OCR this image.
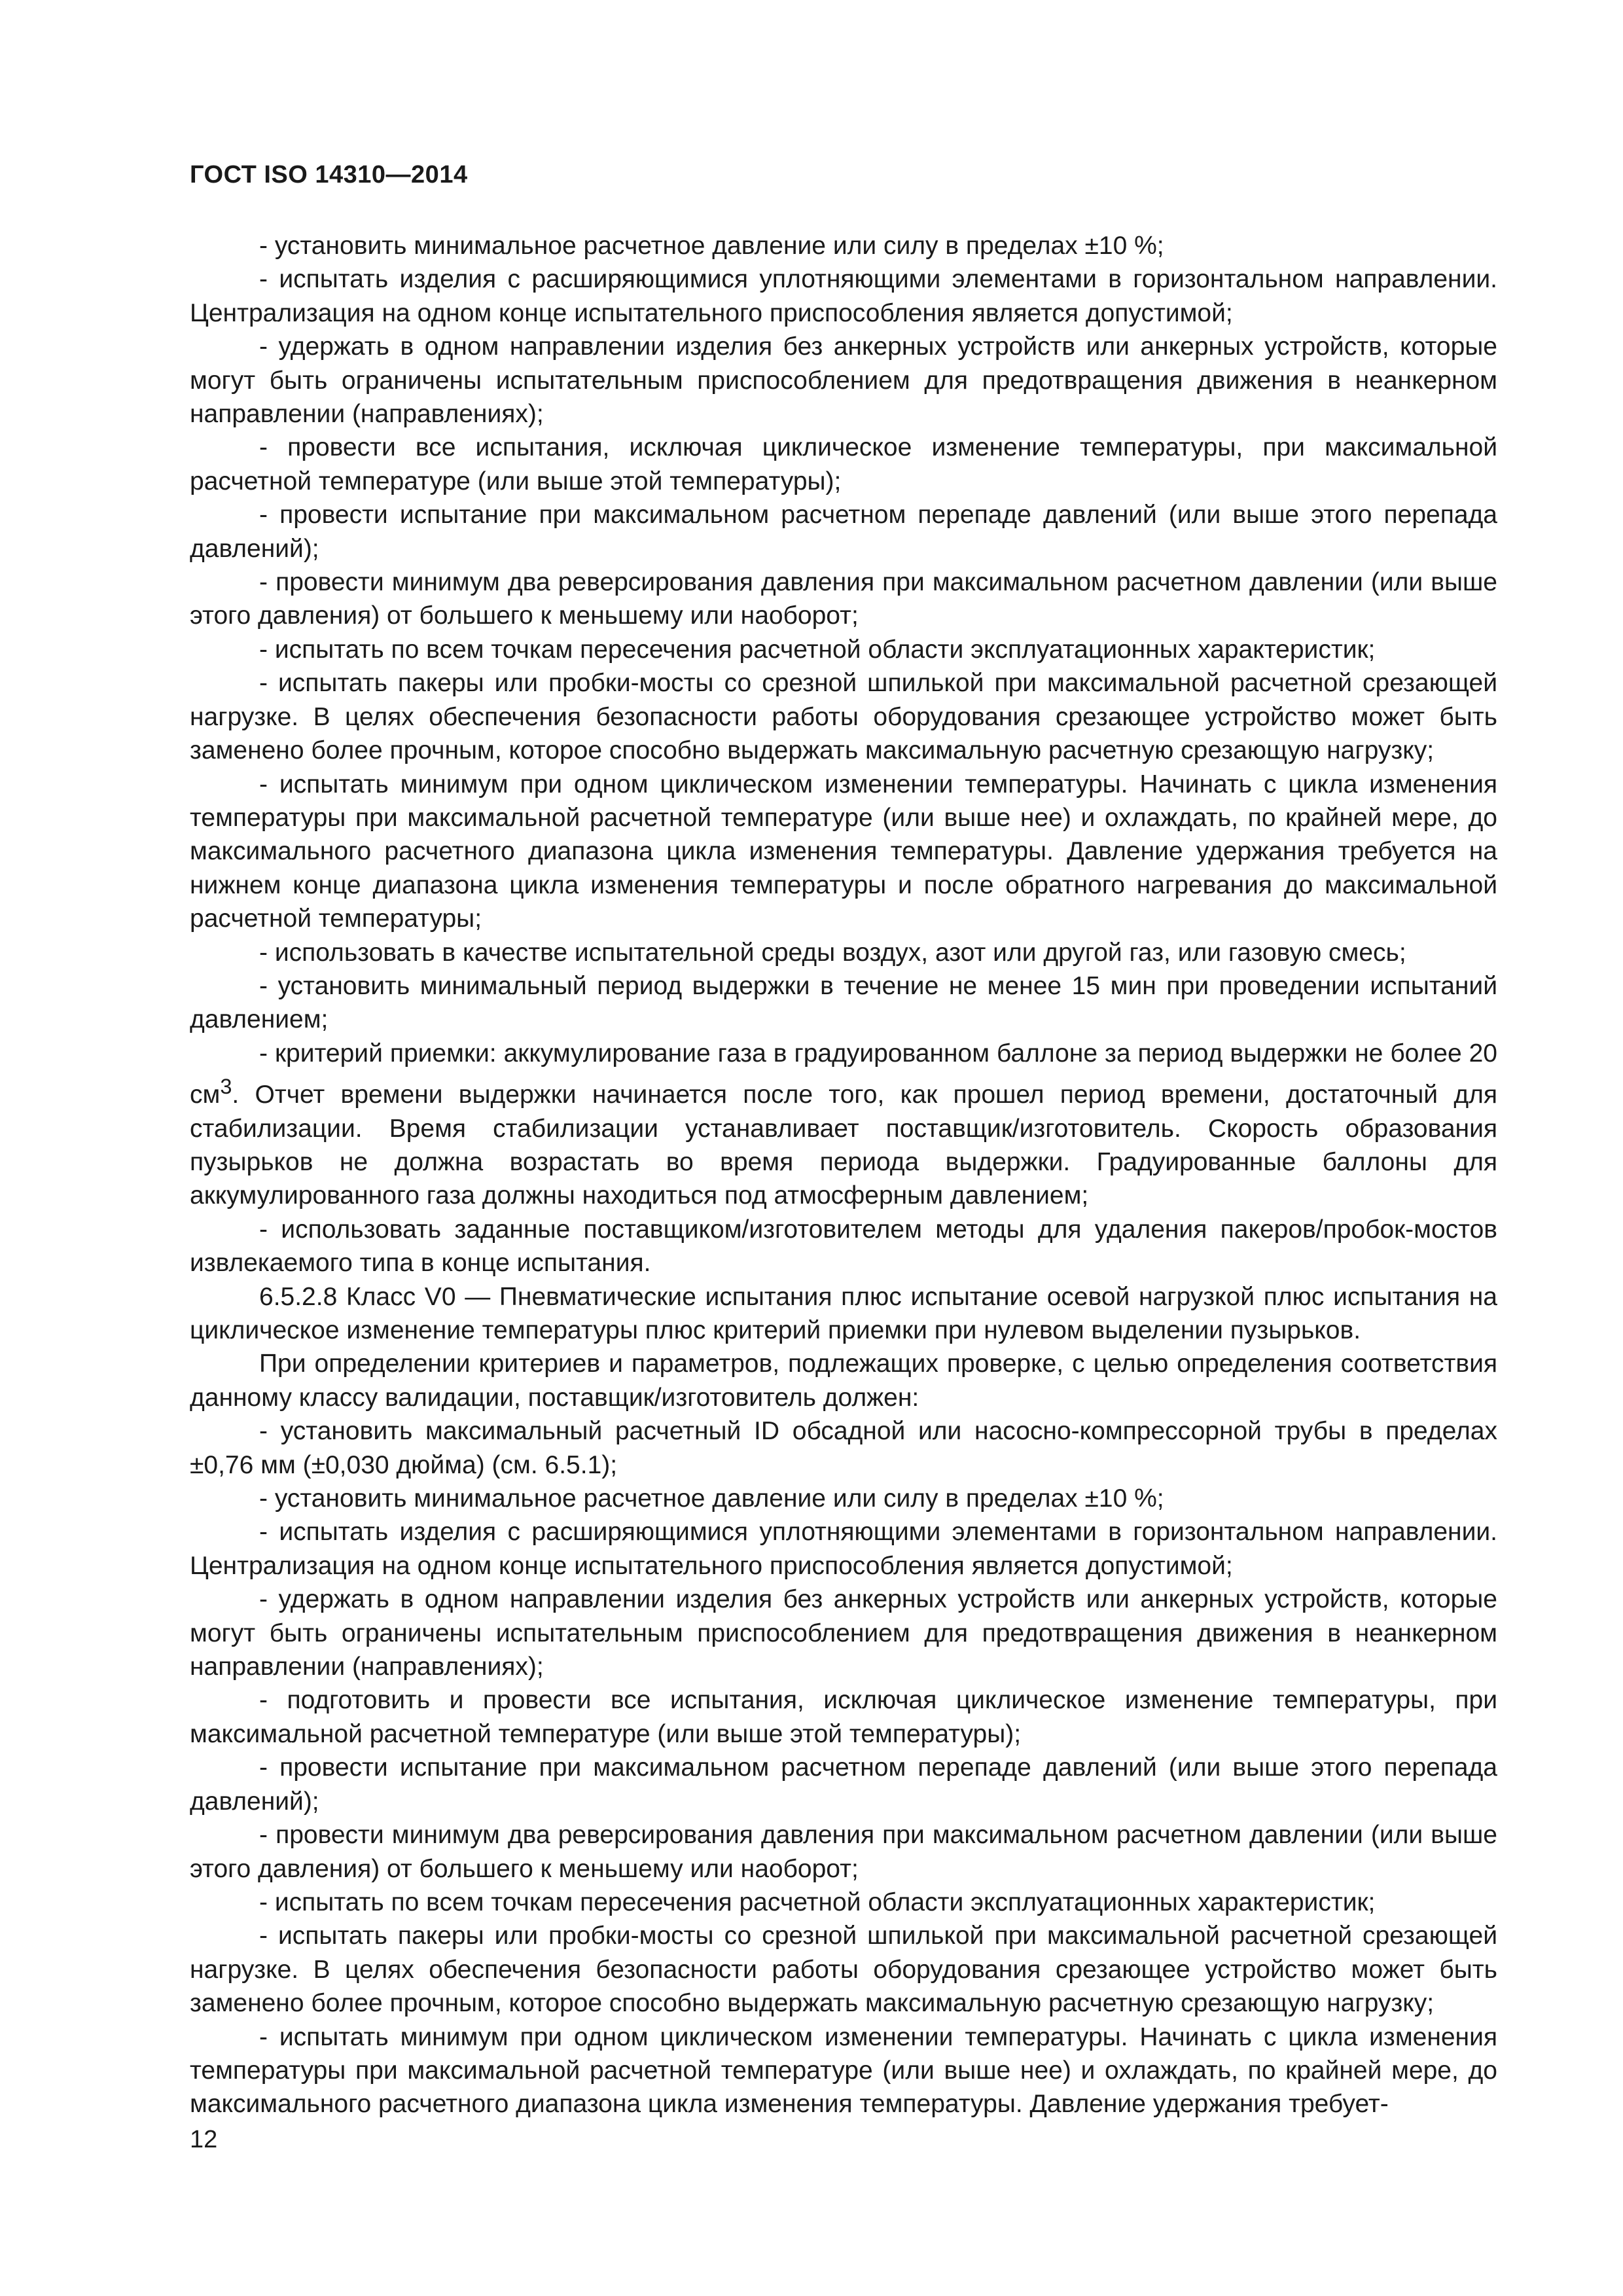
ГОСТ ISO 14310—2014

- установить минимальное расчетное давление или силу в пределах ±10 %;

- испытать изделия с расширяющимися уплотняющими элементами в горизонтальном направлении. Централизация на одном конце испытательного приспособления является допустимой;

- удержать в одном направлении изделия без анкерных устройств или анкерных устройств, которые могут быть ограничены испытательным приспособлением для предотвращения движения в неанкерном направлении (направлениях);

- провести все испытания, исключая циклическое изменение температуры, при максимальной расчетной температуре (или выше этой температуры);

- провести испытание при максимальном расчетном перепаде давлений (или выше этого перепада давлений);

- провести минимум два реверсирования давления при максимальном расчетном давлении (или выше этого давления) от большего к меньшему или наоборот;

- испытать по всем точкам пересечения расчетной области эксплуатационных характеристик;

- испытать пакеры или пробки-мосты со срезной шпилькой при максимальной расчетной срезающей нагрузке. В целях обеспечения безопасности работы оборудования срезающее устройство может быть заменено более прочным, которое способно выдержать максимальную расчетную срезающую нагрузку;

- испытать минимум при одном циклическом изменении температуры. Начинать с цикла изменения температуры при максимальной расчетной температуре (или выше нее) и охлаждать, по крайней мере, до максимального расчетного диапазона цикла изменения температуры. Давление удержания требуется на нижнем конце диапазона цикла изменения температуры и после обратного нагревания до максимальной расчетной температуры;

- использовать в качестве испытательной среды воздух, азот или другой газ, или газовую смесь;

- установить минимальный период выдержки в течение не менее 15 мин при проведении испытаний давлением;

- критерий приемки: аккумулирование газа в градуированном баллоне за период выдержки не более 20 $см^3$. Отчет времени выдержки начинается после того, как прошел период времени, достаточный для стабилизации. Время стабилизации устанавливает поставщик/изготовитель. Скорость образования пузырьков не должна возрастать во время периода выдержки. Градуированные баллоны для аккумулированного газа должны находиться под атмосферным давлением;

- использовать заданные поставщиком/изготовителем методы для удаления пакеров/пробок-мостов извлекаемого типа в конце испытания.

6.5.2.8 Класс V0 — Пневматические испытания плюс испытание осевой нагрузкой плюс испытания на циклическое изменение температуры плюс критерий приемки при нулевом выделении пузырьков.

При определении критериев и параметров, подлежащих проверке, с целью определения соответствия данному классу валидации, поставщик/изготовитель должен:

- установить максимальный расчетный ID обсадной или насосно-компрессорной трубы в пределах ±0,76 мм (±0,030 дюйма) (см. 6.5.1);

- установить минимальное расчетное давление или силу в пределах ±10 %;

- испытать изделия с расширяющимися уплотняющими элементами в горизонтальном направлении. Централизация на одном конце испытательного приспособления является допустимой;

- удержать в одном направлении изделия без анкерных устройств или анкерных устройств, которые могут быть ограничены испытательным приспособлением для предотвращения движения в неанкерном направлении (направлениях);

- подготовить и провести все испытания, исключая циклическое изменение температуры, при максимальной расчетной температуре (или выше этой температуры);

- провести испытание при максимальном расчетном перепаде давлений (или выше этого перепада давлений);

- провести минимум два реверсирования давления при максимальном расчетном давлении (или выше этого давления) от большего к меньшему или наоборот;

- испытать по всем точкам пересечения расчетной области эксплуатационных характеристик;

- испытать пакеры или пробки-мосты со срезной шпилькой при максимальной расчетной срезающей нагрузке. В целях обеспечения безопасности работы оборудования срезающее устройство может быть заменено более прочным, которое способно выдержать максимальную расчетную срезающую нагрузку;

- испытать минимум при одном циклическом изменении температуры. Начинать с цикла изменения температуры при максимальной расчетной температуре (или выше нее) и охлаждать, по крайней мере, до максимального расчетного диапазона цикла изменения температуры. Давление удержания требует-

12
